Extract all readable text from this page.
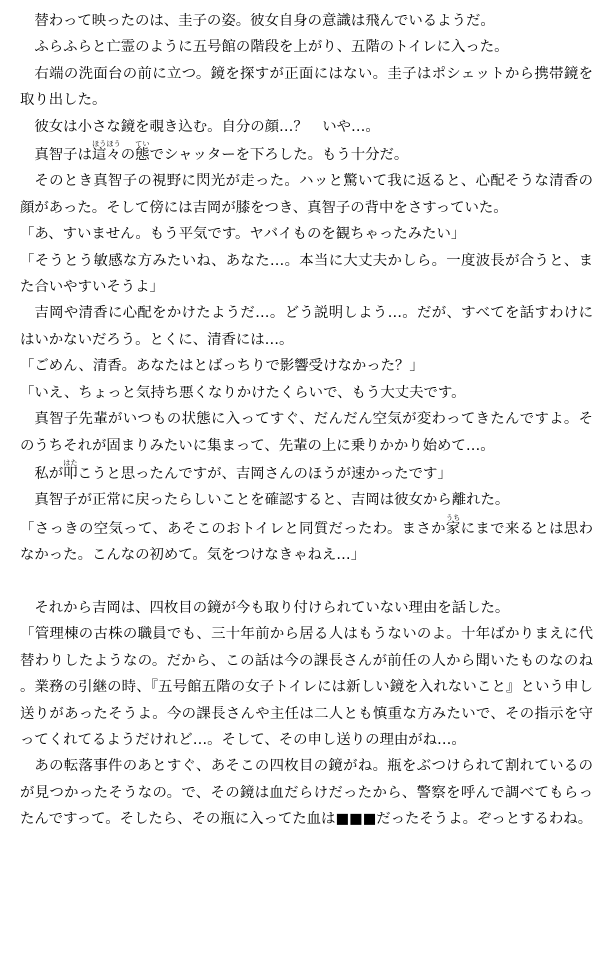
替わって映ったのは、圭子の姿。彼女自身の意識は飛んでいるようだ。

ふらふらと亡霊のように五号館の階段を上がり、五階のトイレに入った。

右端の洗面台の前に立つ。鏡を探すが正面にはない。圭子はポシェットから携帯鏡を取り出した。

彼女は小さな鏡を覗き込む。自分の顔…？　いや…。

真智子は這々ほうほうの態ていでシャッターを下ろした。もう十分だ。

そのとき真智子の視野に閃光が走った。ハッと驚いて我に返ると、心配そうな清香の顔があった。そして傍には吉岡が膝をつき、真智子の背中をさすっていた。

「あ、すいません。もう平気です。ヤバイものを観ちゃったみたい」

「そうとう敏感な方みたいね、あなた…。本当に大丈夫かしら。一度波長が合うと、また合いやすいそうよ」

吉岡や清香に心配をかけたようだ…。どう説明しよう…。だが、すべてを話すわけにはいかないだろう。とくに、清香には…。

「ごめん、清香。あなたはとばっちりで影響受けなかった？」

「いえ、ちょっと気持ち悪くなりかけたくらいで、もう大丈夫です。

真智子先輩がいつもの状態に入ってすぐ、だんだん空気が変わってきたんですよ。そのうちそれが固まりみたいに集まって、先輩の上に乗りかかり始めて…。

私が叩はたこうと思ったんですが、吉岡さんのほうが速かったです」

真智子が正常に戻ったらしいことを確認すると、吉岡は彼女から離れた。

「さっきの空気って、あそこのおトイレと同質だったわ。まさか家うちにまで来るとは思わなかった。こんなの初めて。気をつけなきゃねえ…」

それから吉岡は、四枚目の鏡が今も取り付けられていない理由を話した。

「管理棟の古株の職員でも、三十年前から居る人はもうないのよ。十年ばかりまえに代替わりしたようなの。だから、この話は今の課長さんが前任の人から聞いたものなのね。業務の引継の時、『五号館五階の女子トイレには新しい鏡を入れないこと』という申し送りがあったそうよ。今の課長さんや主任は二人とも慎重な方みたいで、その指示を守ってくれてるようだけれど…。そして、その申し送りの理由がね…。

あの転落事件のあとすぐ、あそこの四枚目の鏡がね。瓶をぶつけられて割れているのが見つかったそうなの。で、その鏡は血だらけだったから、警察を呼んで調べてもらったんですって。そしたら、その瓶に入ってた血は■■■だったそうよ。ぞっとするわね。
